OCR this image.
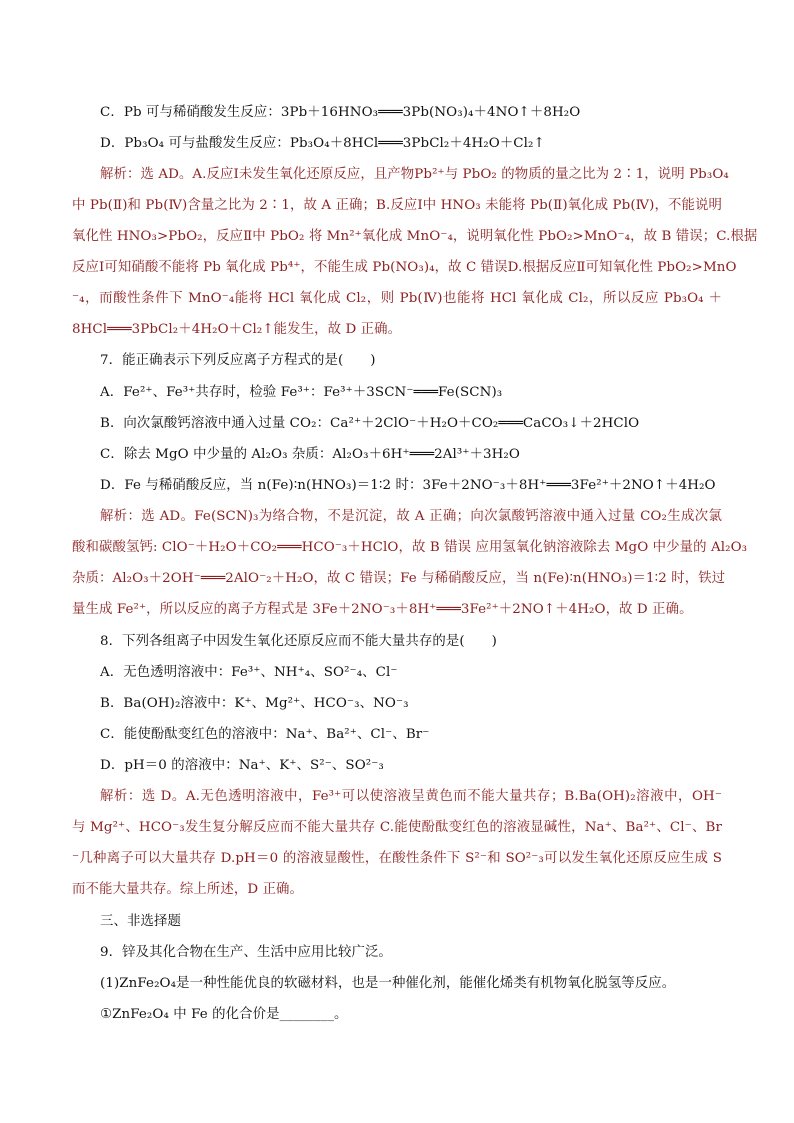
C．Pb 可与稀硝酸发生反应：3Pb＋16HNO₃═══3Pb(NO₃)₄＋4NO↑＋8H₂O
D．Pb₃O₄ 可与盐酸发生反应：Pb₃O₄＋8HCl═══3PbCl₂＋4H₂O＋Cl₂↑
解析：选 AD。A.反应Ⅰ未发生氧化还原反应，且产物Pb²⁺与 PbO₂ 的物质的量之比为 2∶1，说明 Pb₃O₄
中 Pb(Ⅱ)和 Pb(Ⅳ)含量之比为 2∶1，故 A 正确；B.反应Ⅰ中 HNO₃ 未能将 Pb(Ⅱ)氧化成 Pb(Ⅳ)，不能说明
氧化性 HNO₃>PbO₂，反应Ⅱ中 PbO₂ 将 Mn²⁺氧化成 MnO⁻₄，说明氧化性 PbO₂>MnO⁻₄，故 B 错误；C.根据
反应Ⅰ可知硝酸不能将 Pb 氧化成 Pb⁴⁺，不能生成 Pb(NO₃)₄，故 C 错误D.根据反应Ⅱ可知氧化性 PbO₂>MnO
⁻₄，而酸性条件下 MnO⁻₄能将 HCl 氧化成 Cl₂，则 Pb(Ⅳ)也能将 HCl 氧化成 Cl₂，所以反应 Pb₃O₄ ＋
8HCl═══3PbCl₂＋4H₂O＋Cl₂↑能发生，故 D 正确。
7．能正确表示下列反应离子方程式的是(　　)
A．Fe²⁺、Fe³⁺共存时，检验 Fe³⁺：Fe³⁺＋3SCN⁻═══Fe(SCN)₃
B．向次氯酸钙溶液中通入过量 CO₂：Ca²⁺＋2ClO⁻＋H₂O＋CO₂═══CaCO₃↓＋2HClO
C．除去 MgO 中少量的 Al₂O₃ 杂质：Al₂O₃＋6H⁺═══2Al³⁺＋3H₂O
D．Fe 与稀硝酸反应，当 n(Fe)∶n(HNO₃)＝1∶2 时：3Fe＋2NO⁻₃＋8H⁺═══3Fe²⁺＋2NO↑＋4H₂O
解析：选 AD。Fe(SCN)₃为络合物，不是沉淀，故 A 正确；向次氯酸钙溶液中通入过量 CO₂生成次氯
酸和碳酸氢钙: ClO⁻＋H₂O＋CO₂═══HCO⁻₃＋HClO，故 B 错误 应用氢氧化钠溶液除去 MgO 中少量的 Al₂O₃
杂质：Al₂O₃＋2OH⁻═══2AlO⁻₂＋H₂O，故 C 错误；Fe 与稀硝酸反应，当 n(Fe)∶n(HNO₃)＝1∶2 时，铁过
量生成 Fe²⁺，所以反应的离子方程式是 3Fe＋2NO⁻₃＋8H⁺═══3Fe²⁺＋2NO↑＋4H₂O，故 D 正确。
8．下列各组离子中因发生氧化还原反应而不能大量共存的是(　　)
A．无色透明溶液中：Fe³⁺、NH⁺₄、SO²⁻₄、Cl⁻
B．Ba(OH)₂溶液中：K⁺、Mg²⁺、HCO⁻₃、NO⁻₃
C．能使酚酞变红色的溶液中：Na⁺、Ba²⁺、Cl⁻、Br⁻
D．pH＝0 的溶液中：Na⁺、K⁺、S²⁻、SO²⁻₃
解析：选 D。A.无色透明溶液中，Fe³⁺可以使溶液呈黄色而不能大量共存；B.Ba(OH)₂溶液中，OH⁻
与 Mg²⁺、HCO⁻₃发生复分解反应而不能大量共存 C.能使酚酞变红色的溶液显碱性，Na⁺、Ba²⁺、Cl⁻、Br
⁻几种离子可以大量共存 D.pH＝0 的溶液显酸性，在酸性条件下 S²⁻和 SO²⁻₃可以发生氧化还原反应生成 S
而不能大量共存。综上所述，D 正确。
三、非选择题
9．锌及其化合物在生产、生活中应用比较广泛。
(1)ZnFe₂O₄是一种性能优良的软磁材料，也是一种催化剂，能催化烯类有机物氧化脱氢等反应。
①ZnFe₂O₄ 中 Fe 的化合价是________。
